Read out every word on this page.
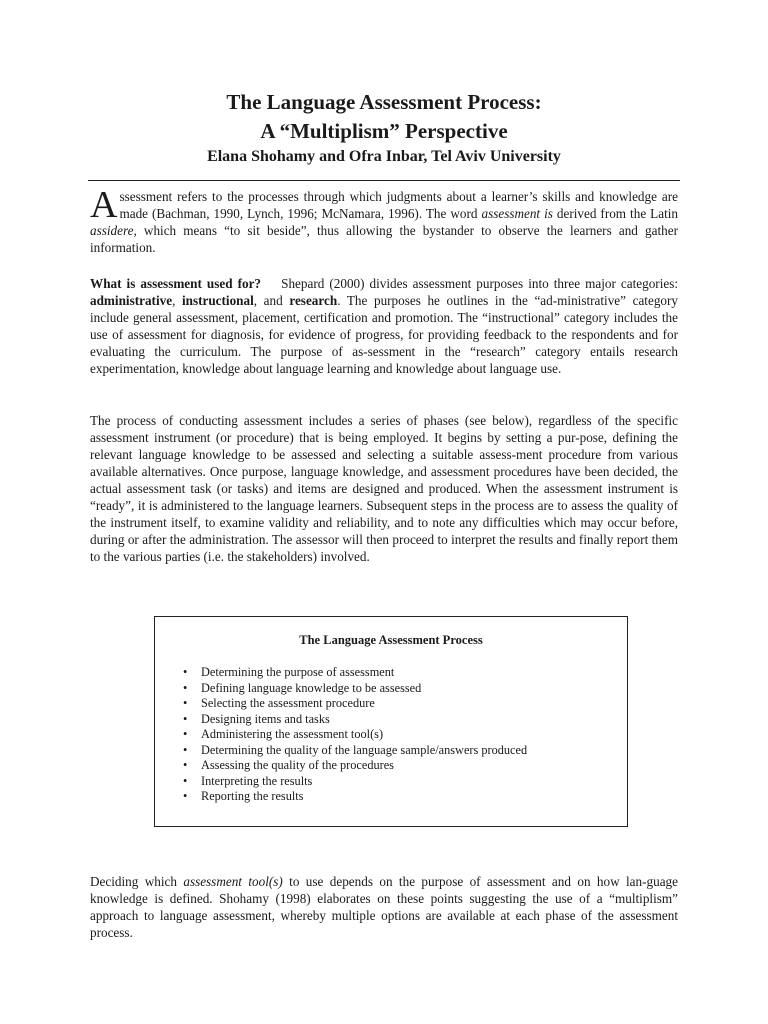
The Language Assessment Process:
A “Multiplism” Perspective
Elana Shohamy and Ofra Inbar, Tel Aviv University
Assessment refers to the processes through which judgments about a learner’s skills and knowledge are made (Bachman, 1990, Lynch, 1996; McNamara, 1996). The word assessment is derived from the Latin assidere, which means “to sit beside”, thus allowing the bystander to observe the learners and gather information.
What is assessment used for? Shepard (2000) divides assessment purposes into three major categories: administrative, instructional, and research. The purposes he outlines in the “ad-ministrative” category include general assessment, placement, certification and promotion. The “instructional” category includes the use of assessment for diagnosis, for evidence of progress, for providing feedback to the respondents and for evaluating the curriculum. The purpose of as-sessment in the “research” category entails research experimentation, knowledge about language learning and knowledge about language use.
The process of conducting assessment includes a series of phases (see below), regardless of the specific assessment instrument (or procedure) that is being employed. It begins by setting a pur-pose, defining the relevant language knowledge to be assessed and selecting a suitable assess-ment procedure from various available alternatives. Once purpose, language knowledge, and assessment procedures have been decided, the actual assessment task (or tasks) and items are designed and produced. When the assessment instrument is “ready”, it is administered to the language learners. Subsequent steps in the process are to assess the quality of the instrument itself, to examine validity and reliability, and to note any difficulties which may occur before, during or after the administration. The assessor will then proceed to interpret the results and finally report them to the various parties (i.e. the stakeholders) involved.
The Language Assessment Process
• Determining the purpose of assessment
• Defining language knowledge to be assessed
• Selecting the assessment procedure
• Designing items and tasks
• Administering the assessment tool(s)
• Determining the quality of the language sample/answers produced
• Assessing the quality of the procedures
• Interpreting the results
• Reporting the results
Deciding which assessment tool(s) to use depends on the purpose of assessment and on how lan-guage knowledge is defined. Shohamy (1998) elaborates on these points suggesting the use of a “multiplism” approach to language assessment, whereby multiple options are available at each phase of the assessment process.
